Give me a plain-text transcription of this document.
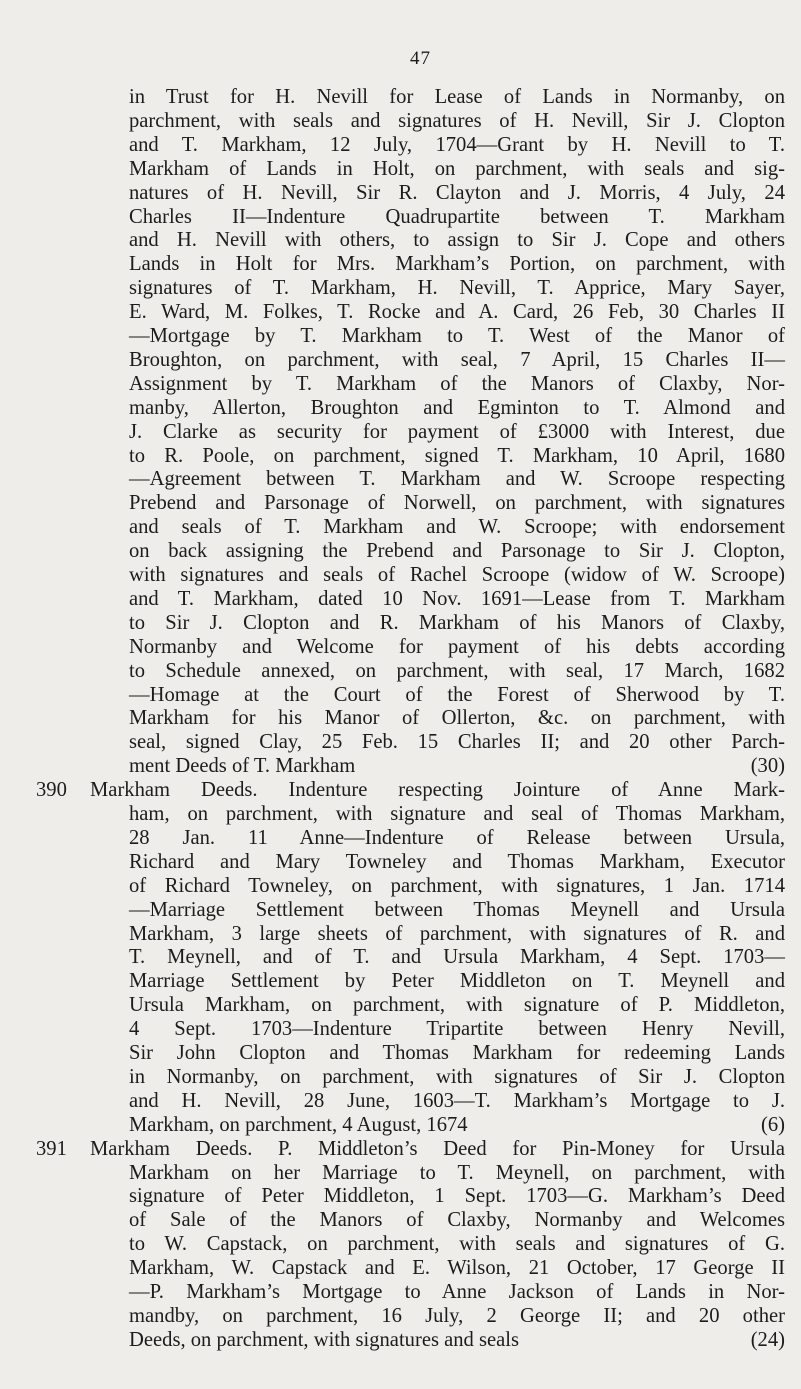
47
in Trust for H. Nevill for Lease of Lands in Normanby, on
parchment, with seals and signatures of H. Nevill, Sir J. Clopton
and T. Markham, 12 July, 1704—Grant by H. Nevill to T.
Markham of Lands in Holt, on parchment, with seals and sig-
natures of H. Nevill, Sir R. Clayton and J. Morris, 4 July, 24
Charles II—Indenture Quadrupartite between T. Markham
and H. Nevill with others, to assign to Sir J. Cope and others
Lands in Holt for Mrs. Markham’s Portion, on parchment, with
signatures of T. Markham, H. Nevill, T. Apprice, Mary Sayer,
E. Ward, M. Folkes, T. Rocke and A. Card, 26 Feb, 30 Charles II
—Mortgage by T. Markham to T. West of the Manor of
Broughton, on parchment, with seal, 7 April, 15 Charles II—
Assignment by T. Markham of the Manors of Claxby, Nor-
manby, Allerton, Broughton and Egminton to T. Almond and
J. Clarke as security for payment of £3000 with Interest, due
to R. Poole, on parchment, signed T. Markham, 10 April, 1680
—Agreement between T. Markham and W. Scroope respecting
Prebend and Parsonage of Norwell, on parchment, with signatures
and seals of T. Markham and W. Scroope; with endorsement
on back assigning the Prebend and Parsonage to Sir J. Clopton,
with signatures and seals of Rachel Scroope (widow of W. Scroope)
and T. Markham, dated 10 Nov. 1691—Lease from T. Markham
to Sir J. Clopton and R. Markham of his Manors of Claxby,
Normanby and Welcome for payment of his debts according
to Schedule annexed, on parchment, with seal, 17 March, 1682
—Homage at the Court of the Forest of Sherwood by T.
Markham for his Manor of Ollerton, &c. on parchment, with
seal, signed Clay, 25 Feb. 15 Charles II; and 20 other Parch-
ment Deeds of T. Markham	(30)
390 Markham Deeds. Indenture respecting Jointure of Anne Mark-
ham, on parchment, with signature and seal of Thomas Markham,
28 Jan. 11 Anne—Indenture of Release between Ursula,
Richard and Mary Towneley and Thomas Markham, Executor
of Richard Towneley, on parchment, with signatures, 1 Jan. 1714
—Marriage Settlement between Thomas Meynell and Ursula
Markham, 3 large sheets of parchment, with signatures of R. and
T. Meynell, and of T. and Ursula Markham, 4 Sept. 1703—
Marriage Settlement by Peter Middleton on T. Meynell and
Ursula Markham, on parchment, with signature of P. Middleton,
4 Sept. 1703—Indenture Tripartite between Henry Nevill,
Sir John Clopton and Thomas Markham for redeeming Lands
in Normanby, on parchment, with signatures of Sir J. Clopton
and H. Nevill, 28 June, 1603—T. Markham’s Mortgage to J.
Markham, on parchment, 4 August, 1674	(6)
391 Markham Deeds. P. Middleton’s Deed for Pin-Money for Ursula
Markham on her Marriage to T. Meynell, on parchment, with
signature of Peter Middleton, 1 Sept. 1703—G. Markham’s Deed
of Sale of the Manors of Claxby, Normanby and Welcomes
to W. Capstack, on parchment, with seals and signatures of G.
Markham, W. Capstack and E. Wilson, 21 October, 17 George II
—P. Markham’s Mortgage to Anne Jackson of Lands in Nor-
mandby, on parchment, 16 July, 2 George II; and 20 other
Deeds, on parchment, with signatures and seals	(24)
